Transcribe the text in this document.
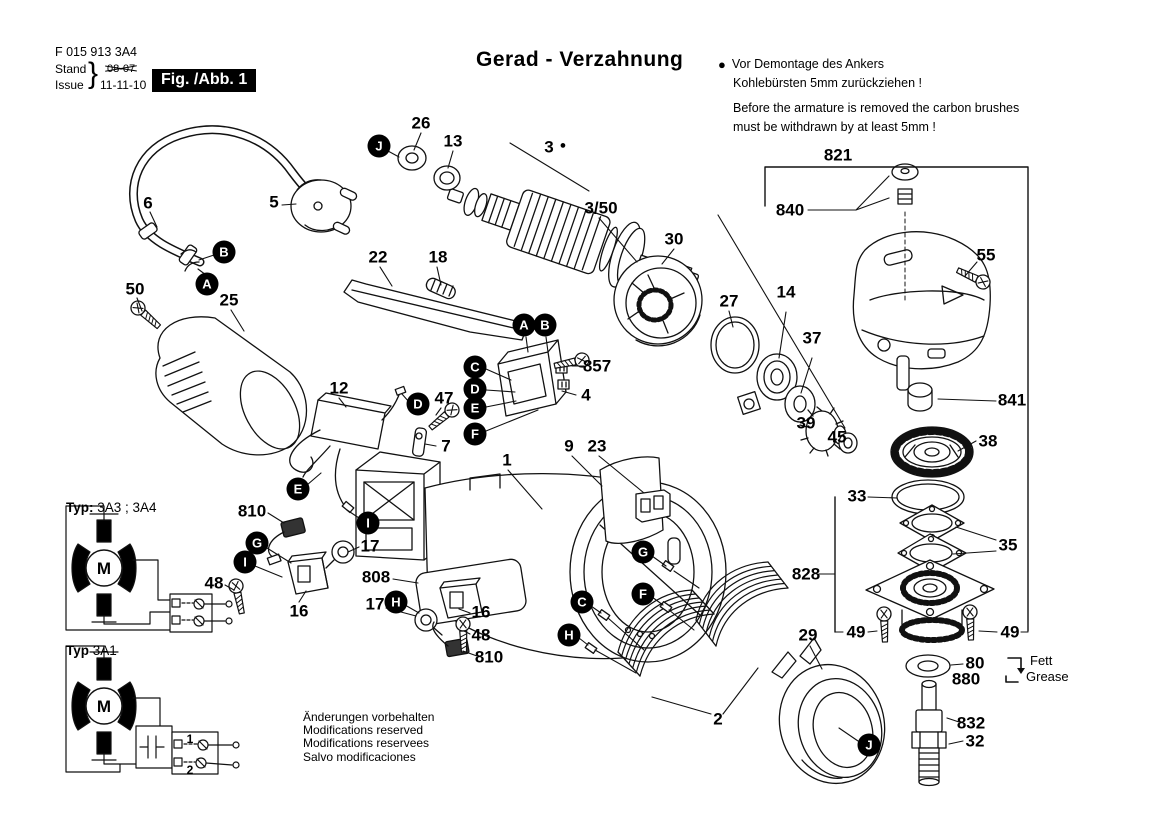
M
M
1
2
F 015 913 3A4
Stand
Issue } 08-07
11-11-10 Fig. /Abb. 1
Gerad - Verzahnung	● Vor Demontage des Ankers
Kohlebürsten 5mm zurückziehen !
Before the armature is removed the carbon brushes
must be withdrawn by at least 5mm !
Änderungen vorbehalten
Modifications reserved
Modifications reservees
Salvo modificaciones
Typ: 3A3 ; 3A4
Typ 3A1
Fett
Grease
26
13	3 ●
3/50
30
22 18
6	5
50
25	27 14
37
39
45
55
821
840
841
857
4
12
47
7
1
9 23	38
33
35
828
49	49
29
80
880
832
32
2
810
17
16
48	808
17	16
48
810
J
B
A
A B
C
D
E
F
D
E
I
G
I
H
G
F
C
H
J
